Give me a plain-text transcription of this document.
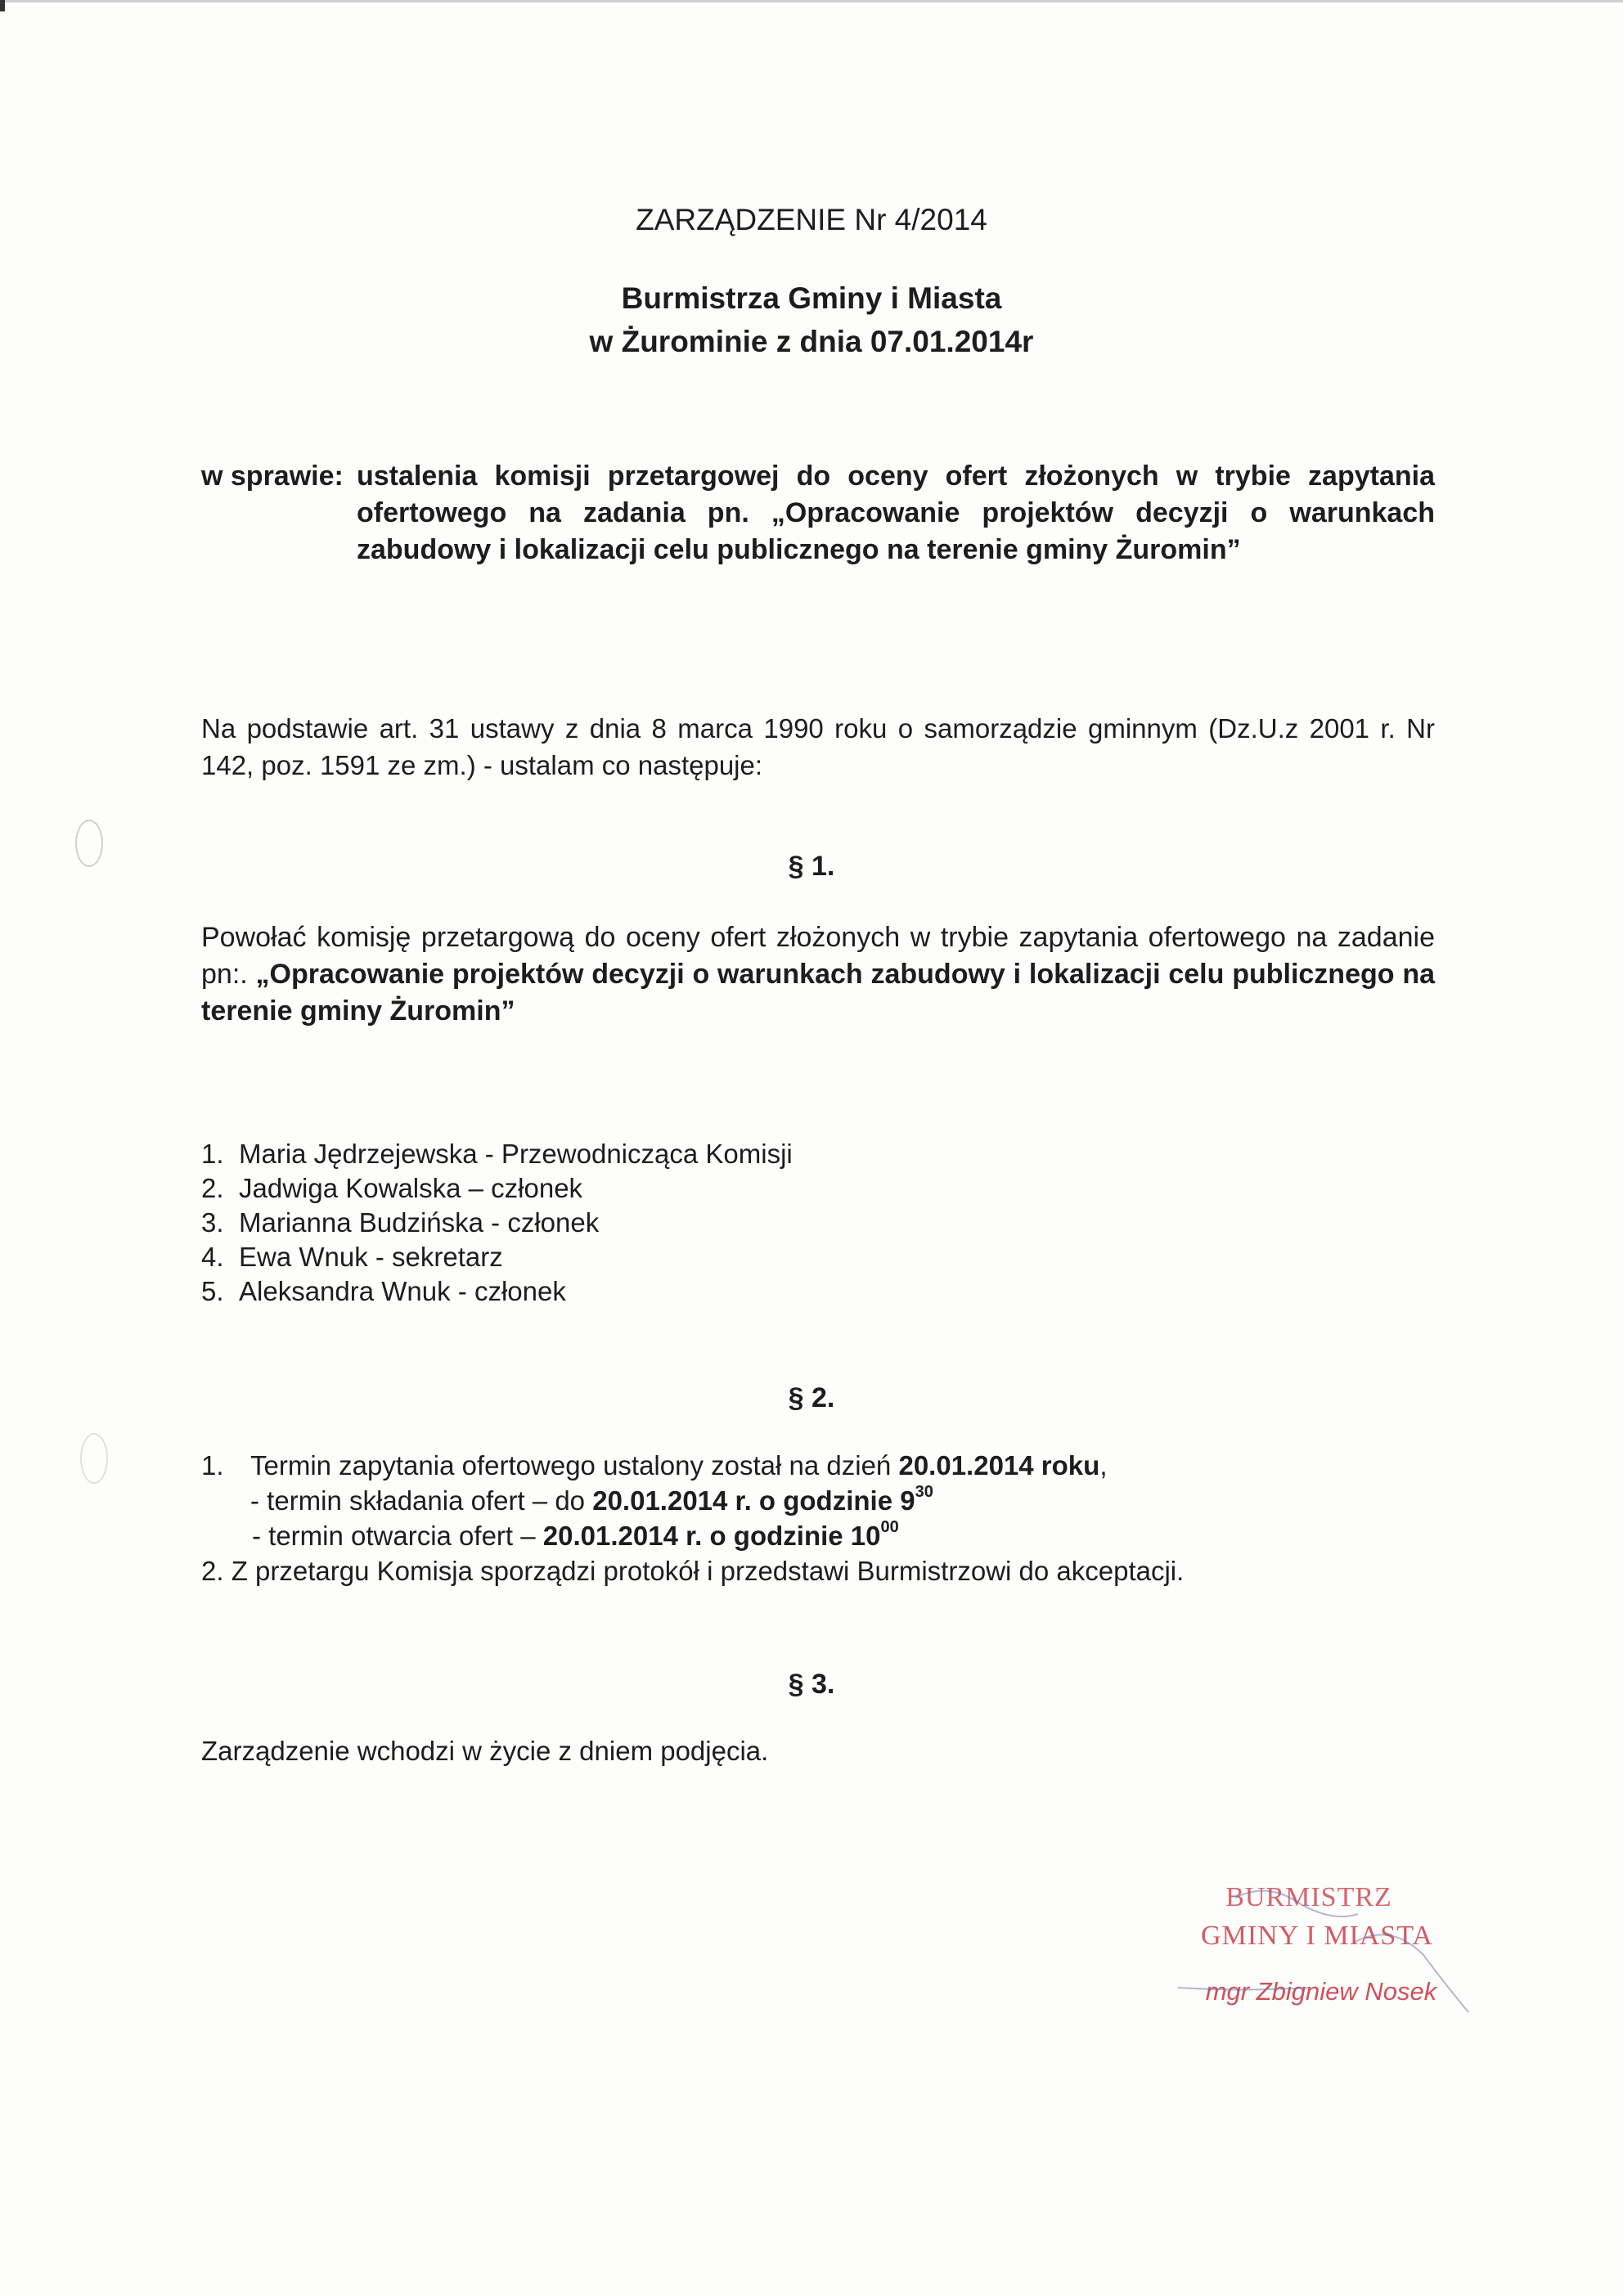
ZARZĄDZENIE Nr 4/2014
Burmistrza Gminy i Miasta
w Żurominie z dnia 07.01.2014r
w sprawie: ustalenia komisji przetargowej do oceny ofert złożonych w trybie zapytania ofertowego na zadania pn. „Opracowanie projektów decyzji o warunkach zabudowy i lokalizacji celu publicznego na terenie gminy Żuromin”
Na podstawie art. 31 ustawy z dnia 8 marca 1990 roku o samorządzie gminnym (Dz.U.z 2001 r. Nr 142, poz. 1591 ze zm.) - ustalam co następuje:
§ 1.
Powołać komisję przetargową do oceny ofert złożonych w trybie zapytania ofertowego na zadanie pn:. „Opracowanie projektów decyzji o warunkach zabudowy i lokalizacji celu publicznego na terenie gminy Żuromin”
1. Maria Jędrzejewska - Przewodnicząca Komisji
2. Jadwiga Kowalska – członek
3. Marianna Budzińska - członek
4. Ewa Wnuk - sekretarz
5. Aleksandra Wnuk - członek
§ 2.
1. Termin zapytania ofertowego ustalony został na dzień 20.01.2014 roku,
- termin składania ofert – do 20.01.2014 r. o godzinie $9^{30}$
- termin otwarcia ofert – 20.01.2014 r. o godzinie $10^{00}$
2. Z przetargu Komisja sporządzi protokół i przedstawi Burmistrzowi do akceptacji.
§ 3.
Zarządzenie wchodzi w życie z dniem podjęcia.
BURMISTRZ
GMINY I MIASTA
mgr Zbigniew Nosek
